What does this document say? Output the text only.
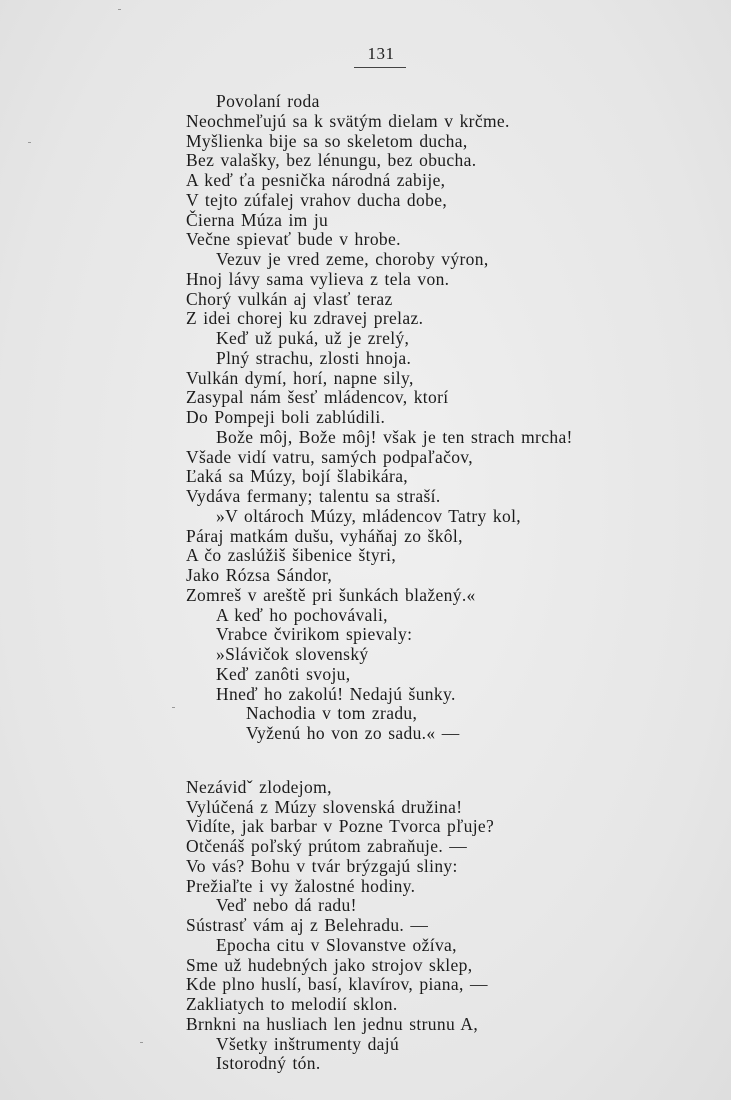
131
Povolaní roda
Neochmeľujú sa k svätým dielam v krčme.
Myšlienka bije sa so skeletom ducha,
Bez valašky, bez lénungu, bez obucha.
A keď ťa pesnička národná zabije,
V tejto zúfalej vrahov ducha dobe,
Čierna Múza im ju
Večne spievať bude v hrobe.
Vezuv je vred zeme, choroby výron,
Hnoj lávy sama vylieva z tela von.
Chorý vulkán aj vlasť teraz
Z idei chorej ku zdravej prelaz.
Keď už puká, už je zrelý,
Plný strachu, zlosti hnoja.
Vulkán dymí, horí, napne sily,
Zasypal nám šesť mládencov, ktorí
Do Pompeji boli zablúdili.
Bože môj, Bože môj! však je ten strach mrcha!
Všade vidí vatru, samých podpaľačov,
Ľaká sa Múzy, bojí šlabikára,
Vydáva fermany; talentu sa straší.
»V oltároch Múzy, mládencov Tatry kol,
Páraj matkám dušu, vyháňaj zo škôl,
A čo zaslúžiš šibenice štyri,
Jako Rózsa Sándor,
Zomreš v areště pri šunkách blažený.«
A keď ho pochovávali,
Vrabce čvirikom spievaly:
»Slávičok slovenský
Keď zanôti svoju,
Hneď ho zakolú! Nedajú šunky.
Nachodia v tom zradu,
Vyženú ho von zo sadu.« —
Nezávidˇ zlodejom,
Vylúčená z Múzy slovenská družina!
Vidíte, jak barbar v Pozne Tvorca pľuje?
Otčenáš poľský prútom zabraňuje. —
Vo vás? Bohu v tvár brýzgajú sliny:
Prežiaľte i vy žalostné hodiny.
Veď nebo dá radu!
Sústrasť vám aj z Belehradu. —
Epocha citu v Slovanstve ožíva,
Sme už hudebných jako strojov sklep,
Kde plno huslí, basí, klavírov, piana, —
Zakliatych to melodií sklon.
Brnkni na husliach len jednu strunu A,
Všetky inštrumenty dajú
Istorodný tón.
